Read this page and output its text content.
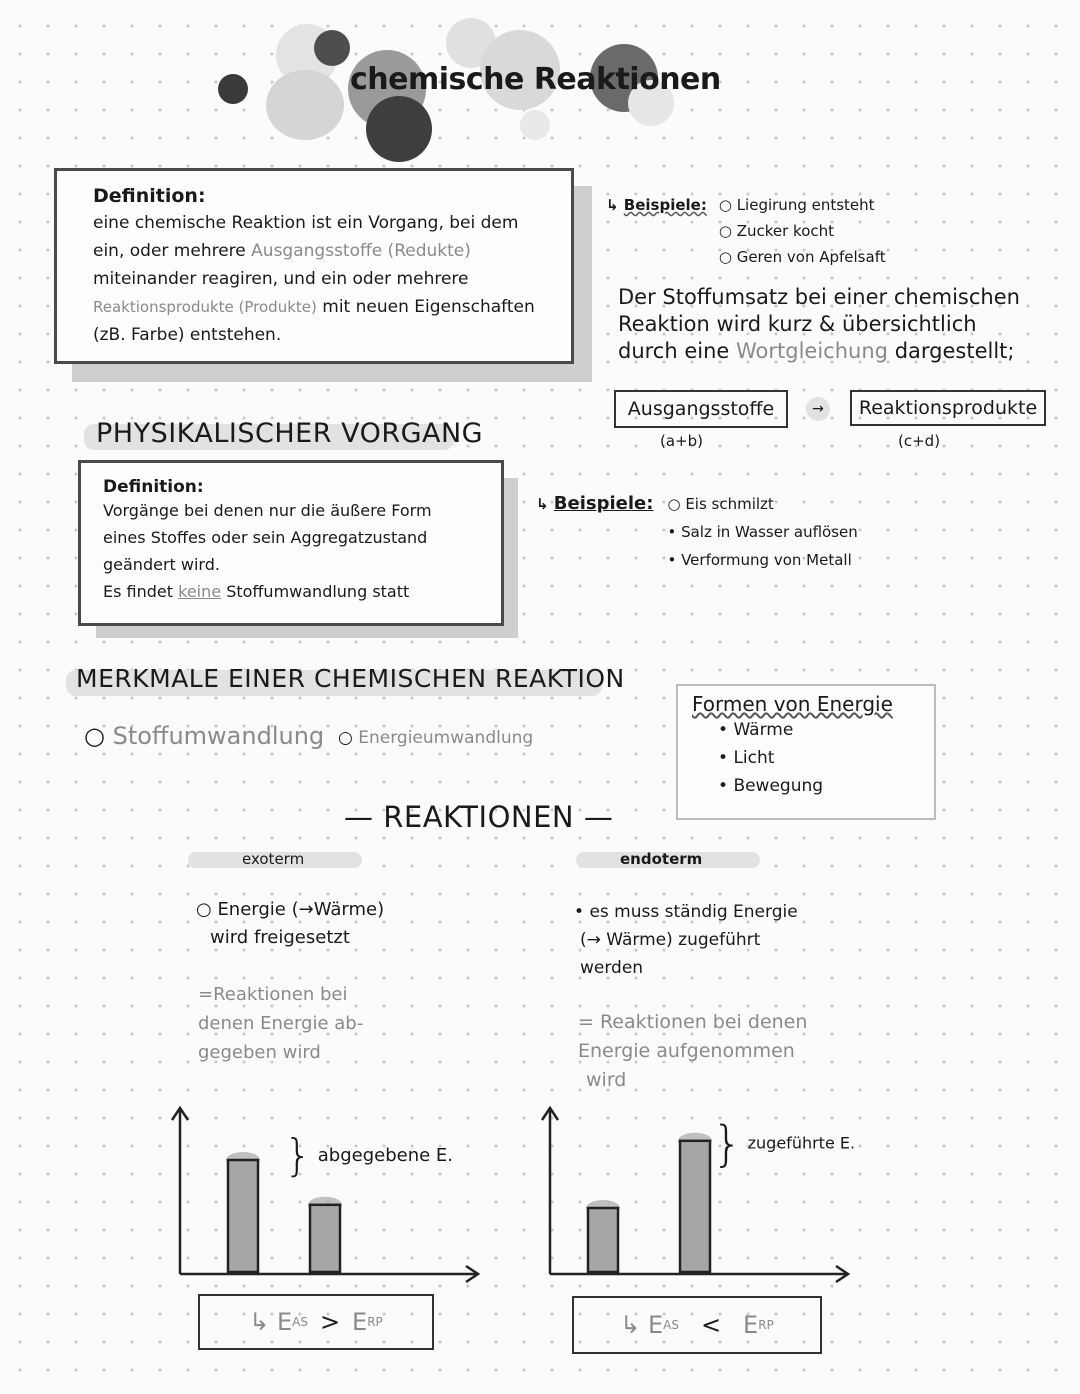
chemische Reaktionen
Definition:
eine chemische Reaktion ist ein Vorgang, bei dem
ein, oder mehrere Ausgangsstoffe (Redukte)
miteinander reagiren, und ein oder mehrere
Reaktionsprodukte (Produkte) mit neuen Eigenschaften
(zB. Farbe) entstehen.
↳ Beispiele: ○ Liegirung entsteht
○ Zucker kocht
○ Geren von Apfelsaft
Der Stoffumsatz bei einer chemischen
Reaktion wird kurz & übersichtlich
durch eine Wortgleichung dargestellt;
Ausgangsstoffe
(a+b)
→	Reaktionsprodukte
(c+d)
PHYSIKALISCHER VORGANG
Definition:
Vorgänge bei denen nur die äußere Form
eines Stoffes oder sein Aggregatzustand
geändert wird.
Es findet keine Stoffumwandlung statt
↳ Beispiele: ○ Eis schmilzt
• Salz in Wasser auflösen
• Verformung von Metall
MERKMALE EINER CHEMISCHEN REAKTION
○ Stoffumwandlung ○ Energieumwandlung
Formen von Energie
• Wärme
• Licht
• Bewegung
— REAKTIONEN —
exoterm	endoterm
○ Energie (→Wärme)
wird freigesetzt
=Reaktionen bei
denen Energie ab-
gegeben wird
• es muss ständig Energie
(→ Wärme) zugeführt
werden
= Reaktionen bei denen
Energie aufgenommen
wird
} abgegebene E.	} zugeführte E.
↳ E AS > E RP	↳ E AS < E RP
